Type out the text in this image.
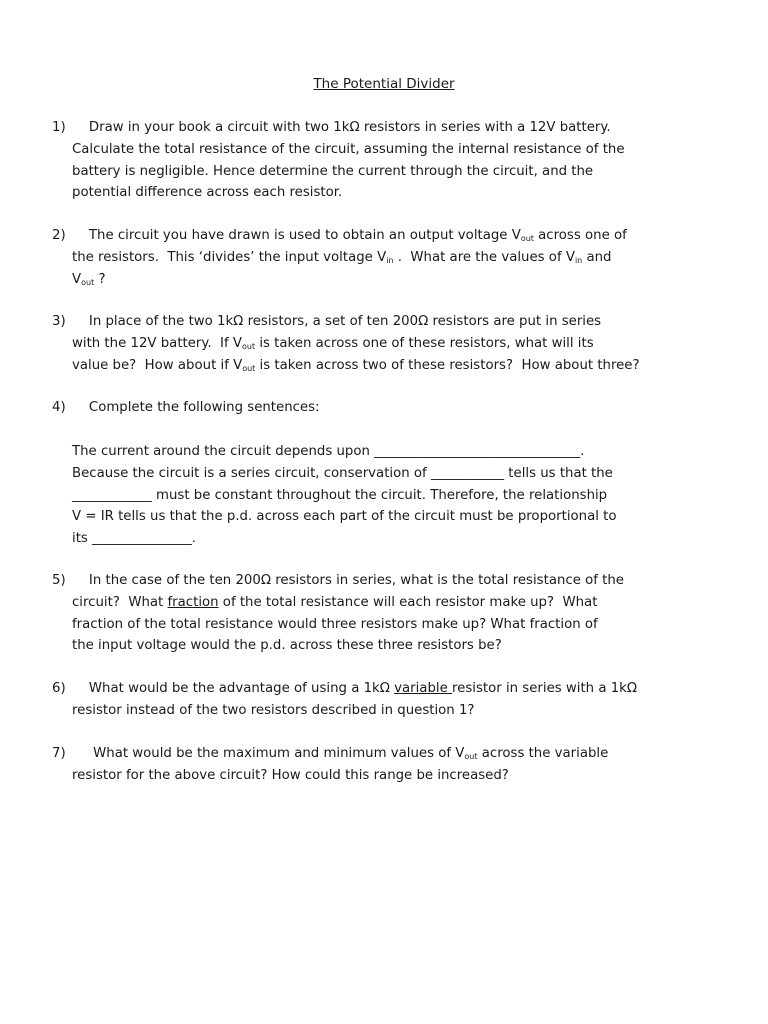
The Potential Divider
1) Draw in your book a circuit with two 1kΩ resistors in series with a 12V battery.
Calculate the total resistance of the circuit, assuming the internal resistance of the
battery is negligible. Hence determine the current through the circuit, and the
potential difference across each resistor.
2) The circuit you have drawn is used to obtain an output voltage $V_{out}$ across one of
the resistors.  This ‘divides’ the input voltage $V_{in}$ .  What are the values of $V_{in}$ and
$V_{out}$ ?
3) In place of the two 1kΩ resistors, a set of ten 200Ω resistors are put in series
with the 12V battery.  If $V_{out}$ is taken across one of these resistors, what will its
value be?  How about if $V_{out}$ is taken across two of these resistors?  How about three?
4) Complete the following sentences:
The current around the circuit depends upon _______________________________.
Because the circuit is a series circuit, conservation of ___________ tells us that the
____________ must be constant throughout the circuit. Therefore, the relationship
V = IR tells us that the p.d. across each part of the circuit must be proportional to
its _______________.
5) In the case of the ten 200Ω resistors in series, what is the total resistance of the
circuit?  What fraction of the total resistance will each resistor make up?  What
fraction of the total resistance would three resistors make up? What fraction of
the input voltage would the p.d. across these three resistors be?
6) What would be the advantage of using a 1kΩ variable resistor in series with a 1kΩ
resistor instead of the two resistors described in question 1?
7) What would be the maximum and minimum values of $V_{out}$ across the variable
resistor for the above circuit? How could this range be increased?
